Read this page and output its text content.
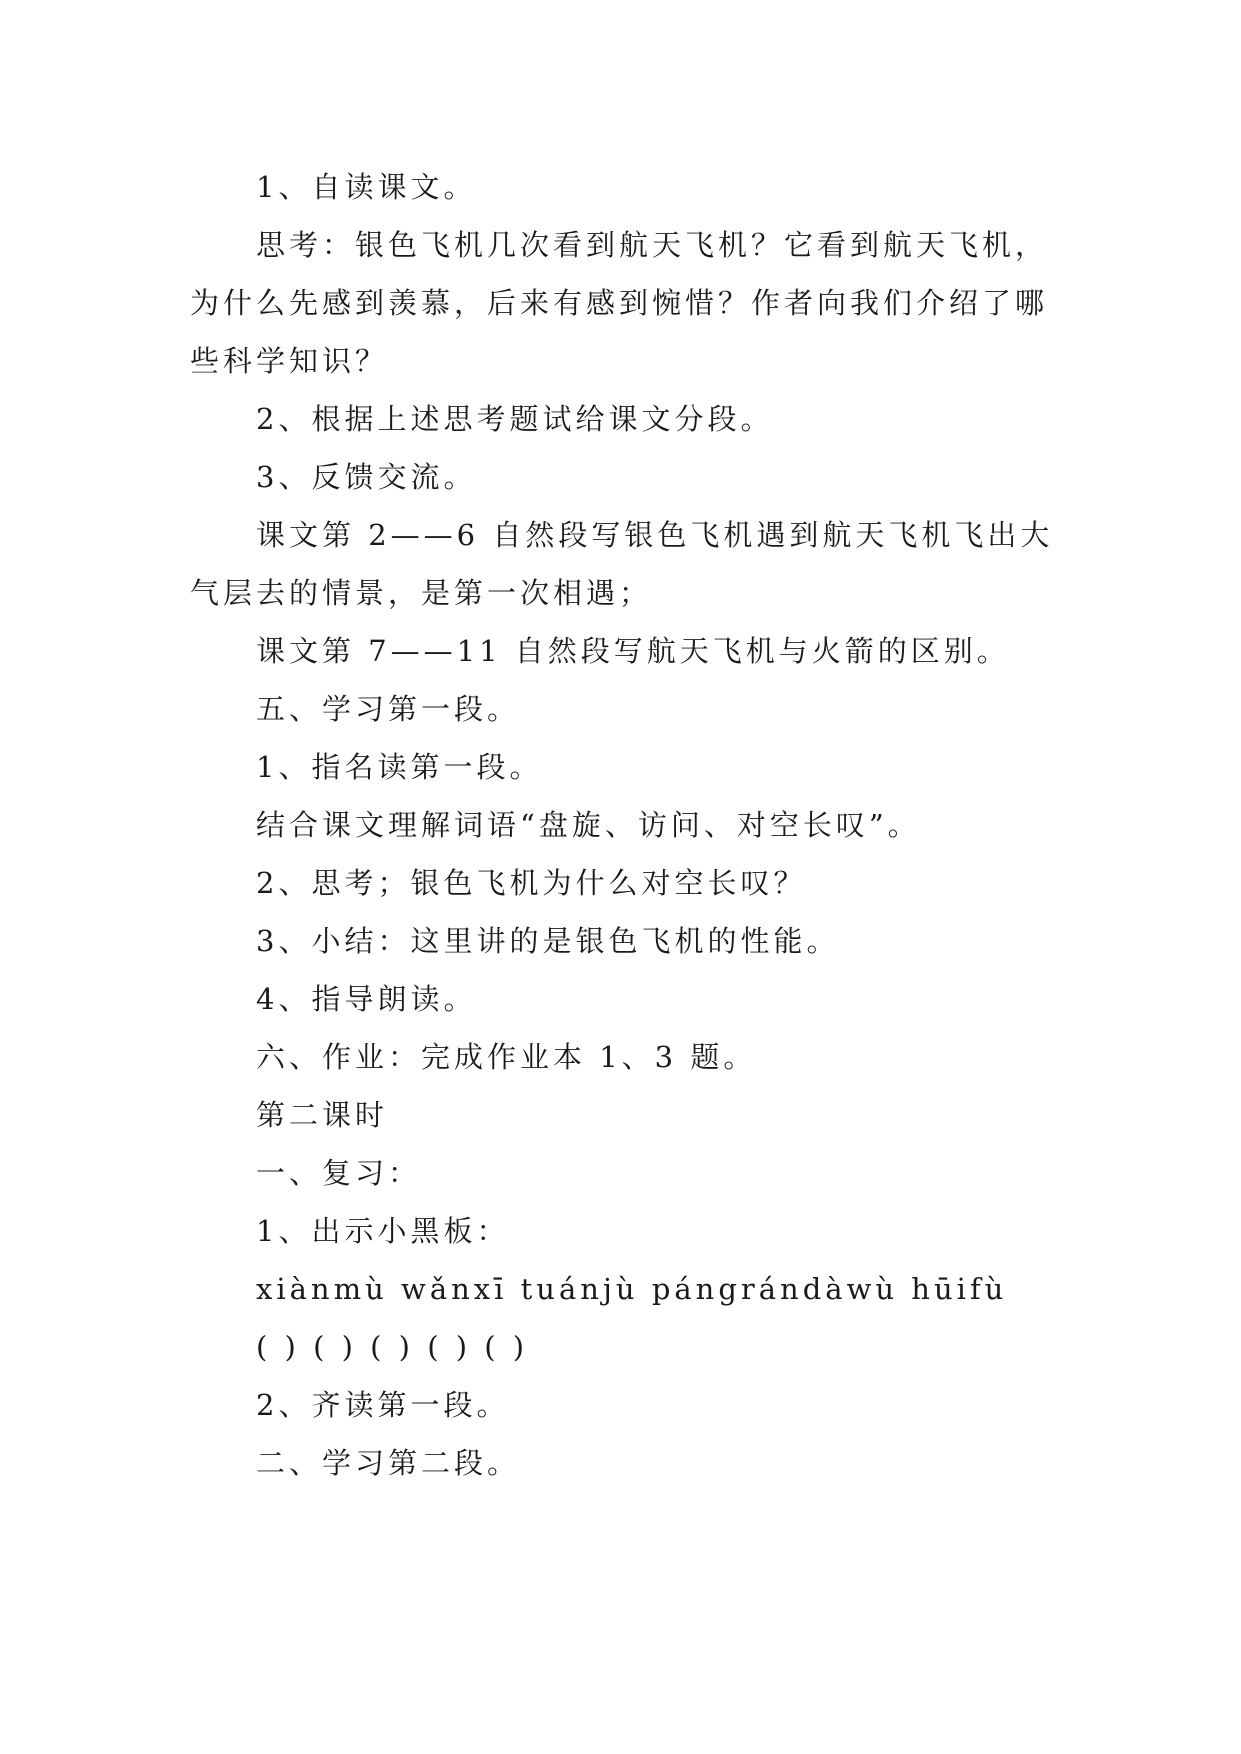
1、自读课文。

思考：银色飞机几次看到航天飞机？它看到航天飞机，为什么先感到羡慕，后来有感到惋惜？作者向我们介绍了哪些科学知识？

2、根据上述思考题试给课文分段。

3、反馈交流。

课文第 2——6 自然段写银色飞机遇到航天飞机飞出大气层去的情景，是第一次相遇；

课文第 7——11 自然段写航天飞机与火箭的区别。

五、学习第一段。

1、指名读第一段。

结合课文理解词语“盘旋、访问、对空长叹”。

2、思考；银色飞机为什么对空长叹？

3、小结：这里讲的是银色飞机的性能。

4、指导朗读。

六、作业：完成作业本 1、3 题。

第二课时

一、复习：

1、出示小黑板：

xiànmù wǎnxī tuánjù pángrándàwù hūifù

( ) ( ) ( ) ( ) ( )

2、齐读第一段。

二、学习第二段。
